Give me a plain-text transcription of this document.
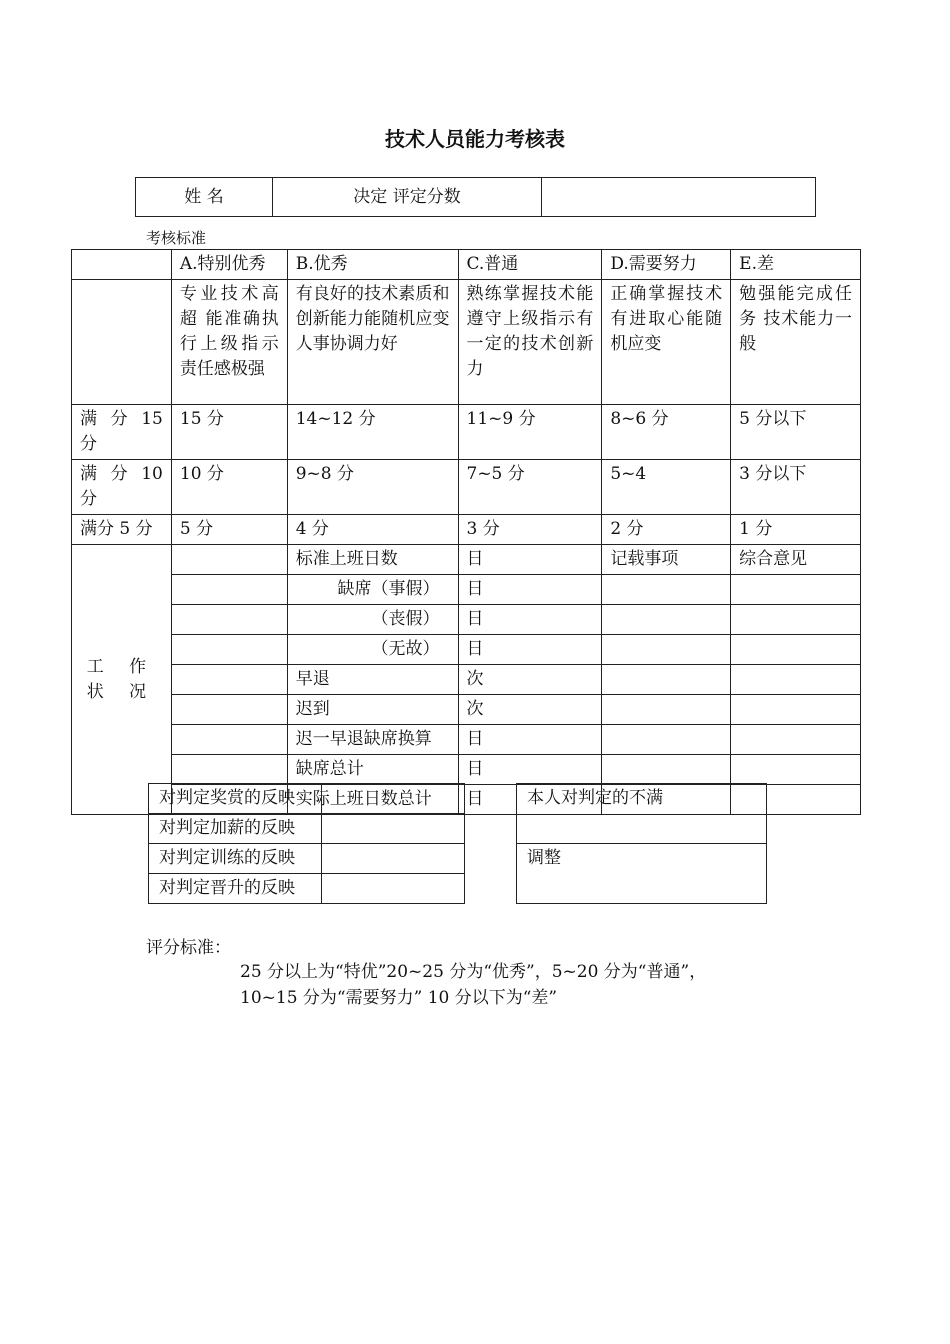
技术人员能力考核表
姓 名	决定 评定分数	
考核标准
	A.特别优秀	B.优秀	C.普通	D.需要努力	E.差
	专业技术高超 能准确执行上级指示责任感极强	有良好的技术素质和创新能力能随机应变人事协调力好	熟练掌握技术能遵守上级指示有一定的技术创新力	正确掌握技术 有进取心能随机应变	勉强能完成任务 技术能力一般
满 分 15分	15 分	14~12 分	11~9 分	8~6 分	5 分以下
满 分 10分	10 分	9~8 分	7~5 分	5~4	3 分以下
满分 5 分	5 分	4 分	3 分	2 分	1 分
工 作 状 况		标准上班日数	日	记载事项	综合意见
		缺席（事假）	日		
		（丧假）	日		
		（无故）	日		
		早退	次		
		迟到	次		
		迟一早退缺席换算	日		
		缺席总计	日		
		实际上班日数总计	日		
对判定奖赏的反映	
对判定加薪的反映	
对判定训练的反映	
对判定晋升的反映	
本人对判定的不满
调整
评分标准：
25 分以上为“特优”20~25 分为“优秀”，5~20 分为“普通”，
10~15 分为“需要努力” 10 分以下为“差”
